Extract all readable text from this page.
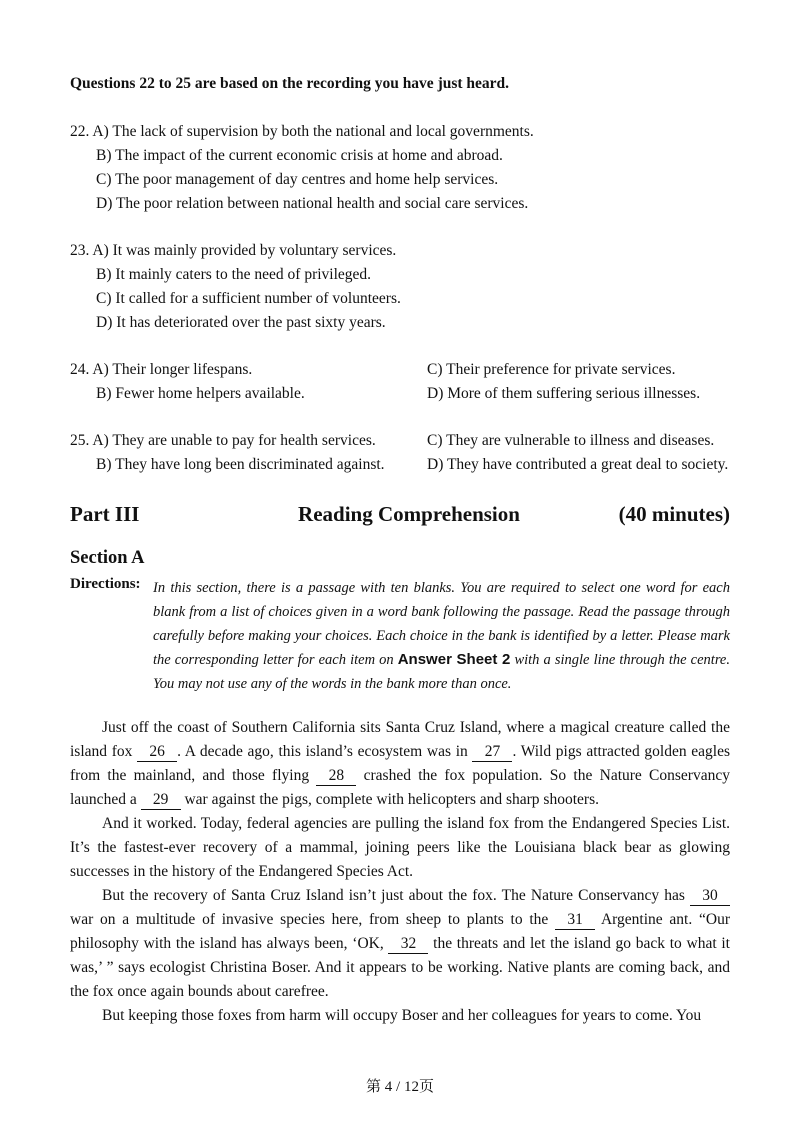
Questions 22 to 25 are based on the recording you have just heard.
22. A) The lack of supervision by both the national and local governments.
B) The impact of the current economic crisis at home and abroad.
C) The poor management of day centres and home help services.
D) The poor relation between national health and social care services.
23. A) It was mainly provided by voluntary services.
B) It mainly caters to the need of privileged.
C) It called for a sufficient number of volunteers.
D) It has deteriorated over the past sixty years.
24. A) Their longer lifespans.	C) Their preference for private services.
B) Fewer home helpers available.	D) More of them suffering serious illnesses.
25. A) They are unable to pay for health services.	C) They are vulnerable to illness and diseases.
B) They have long been discriminated against.	D) They have contributed a great deal to society.
Part III	Reading Comprehension	(40 minutes)
Section A
Directions: In this section, there is a passage with ten blanks. You are required to select one word for each blank from a list of choices given in a word bank following the passage. Read the passage through carefully before making your choices. Each choice in the bank is identified by a letter. Please mark the corresponding letter for each item on Answer Sheet 2 with a single line through the centre. You may not use any of the words in the bank more than once.

Just off the coast of Southern California sits Santa Cruz Island, where a magical creature called the island fox 26 . A decade ago, this island’s ecosystem was in 27 . Wild pigs attracted golden eagles from the mainland, and those flying 28 crashed the fox population. So the Nature Conservancy launched a 29 war against the pigs, complete with helicopters and sharp shooters.

And it worked. Today, federal agencies are pulling the island fox from the Endangered Species List. It’s the fastest-ever recovery of a mammal, joining peers like the Louisiana black bear as glowing successes in the history of the Endangered Species Act.

But the recovery of Santa Cruz Island isn’t just about the fox. The Nature Conservancy has 30 war on a multitude of invasive species here, from sheep to plants to the 31 Argentine ant. “Our philosophy with the island has always been, ‘OK, 32 the threats and let the island go back to what it was,’ ” says ecologist Christina Boser. And it appears to be working. Native plants are coming back, and the fox once again bounds about carefree.

But keeping those foxes from harm will occupy Boser and her colleagues for years to come. You

第 4 / 12页
